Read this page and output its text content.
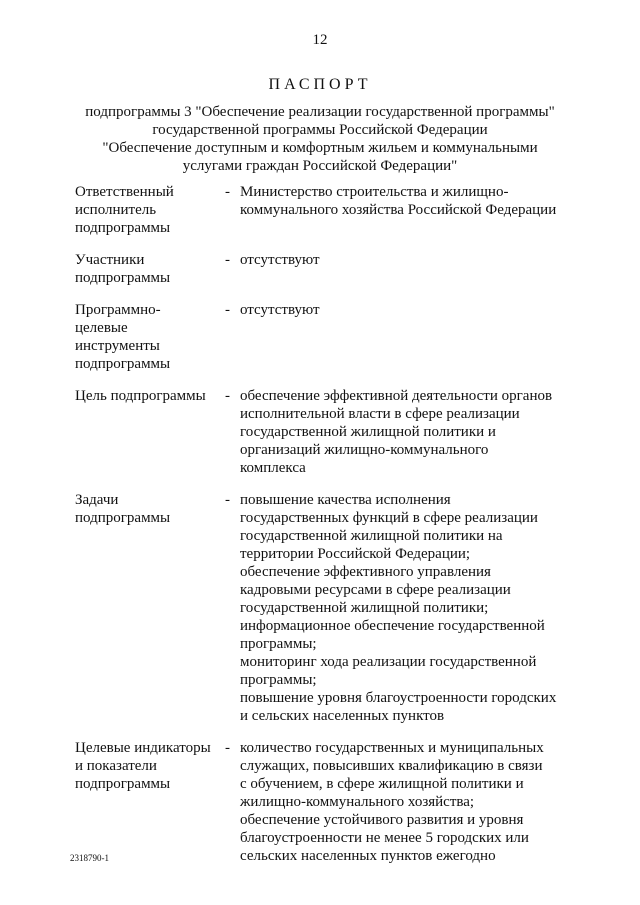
12
ПАСПОРТ
подпрограммы 3 "Обеспечение реализации государственной программы"
государственной программы Российской Федерации
"Обеспечение доступным и комфортным жильем и коммунальными
услугами граждан Российской Федерации"
Ответственный
исполнитель
подпрограммы
- Министерство строительства и жилищно-
коммунального хозяйства Российской Федерации
Участники
подпрограммы
- отсутствуют
Программно-
целевые
инструменты
подпрограммы
- отсутствуют
Цель подпрограммы	- обеспечение эффективной деятельности органов
исполнительной власти в сфере реализации
государственной жилищной политики и
организаций жилищно-коммунального
комплекса
Задачи
подпрограммы
- повышение качества исполнения
государственных функций в сфере реализации
государственной жилищной политики на
территории Российской Федерации;
обеспечение эффективного управления
кадровыми ресурсами в сфере реализации
государственной жилищной политики;
информационное обеспечение государственной
программы;
мониторинг хода реализации государственной
программы;
повышение уровня благоустроенности городских
и сельских населенных пунктов
Целевые индикаторы
и показатели
подпрограммы
- количество государственных и муниципальных
служащих, повысивших квалификацию в связи
с обучением, в сфере жилищной политики и
жилищно-коммунального хозяйства;
обеспечение устойчивого развития и уровня
благоустроенности не менее 5 городских или
сельских населенных пунктов ежегодно
2318790-1
